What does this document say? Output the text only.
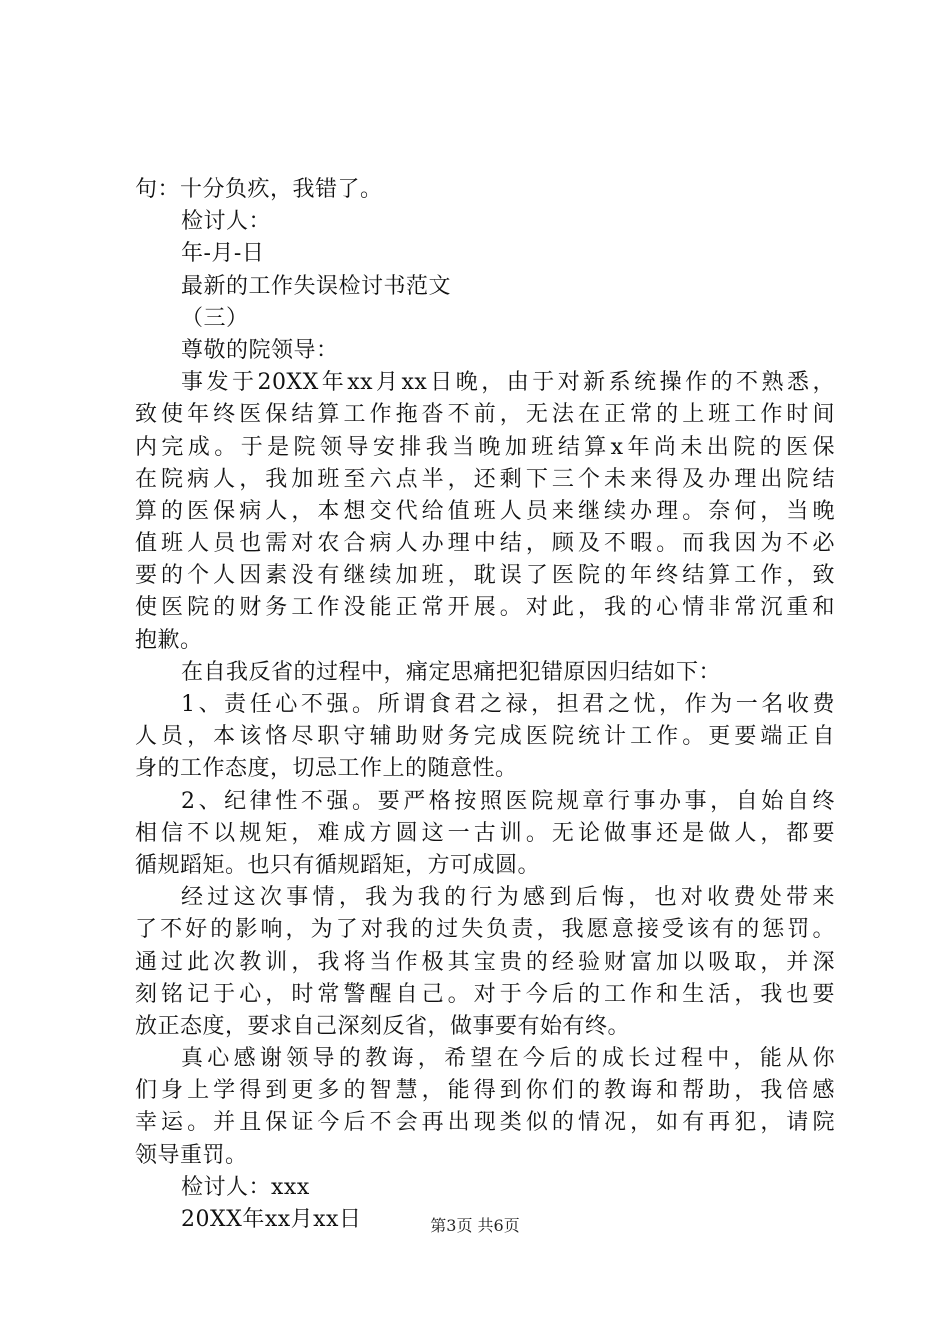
句：十分负疚，我错了。
检讨人：
年-月-日
最新的工作失误检讨书范文
（三）
尊敬的院领导：
事发于20XX年xx月xx日晚，由于对新系统操作的不熟悉，
致使年终医保结算工作拖沓不前，无法在正常的上班工作时间
内完成。于是院领导安排我当晚加班结算x年尚未出院的医保
在院病人，我加班至六点半，还剩下三个未来得及办理出院结
算的医保病人，本想交代给值班人员来继续办理。奈何，当晚
值班人员也需对农合病人办理中结，顾及不暇。而我因为不必
要的个人因素没有继续加班，耽误了医院的年终结算工作，致
使医院的财务工作没能正常开展。对此，我的心情非常沉重和
抱歉。
在自我反省的过程中，痛定思痛把犯错原因归结如下：
1、责任心不强。所谓食君之禄，担君之忧，作为一名收费
人员，本该恪尽职守辅助财务完成医院统计工作。更要端正自
身的工作态度，切忌工作上的随意性。
2、纪律性不强。要严格按照医院规章行事办事，自始自终
相信不以规矩，难成方圆这一古训。无论做事还是做人，都要
循规蹈矩。也只有循规蹈矩，方可成圆。
经过这次事情，我为我的行为感到后悔，也对收费处带来
了不好的影响，为了对我的过失负责，我愿意接受该有的惩罚。
通过此次教训，我将当作极其宝贵的经验财富加以吸取，并深
刻铭记于心，时常警醒自己。对于今后的工作和生活，我也要
放正态度，要求自己深刻反省，做事要有始有终。
真心感谢领导的教诲，希望在今后的成长过程中，能从你
们身上学得到更多的智慧，能得到你们的教诲和帮助，我倍感
幸运。并且保证今后不会再出现类似的情况，如有再犯，请院
领导重罚。
检讨人：xxx
20XX年xx月xx日	第3页 共6页
